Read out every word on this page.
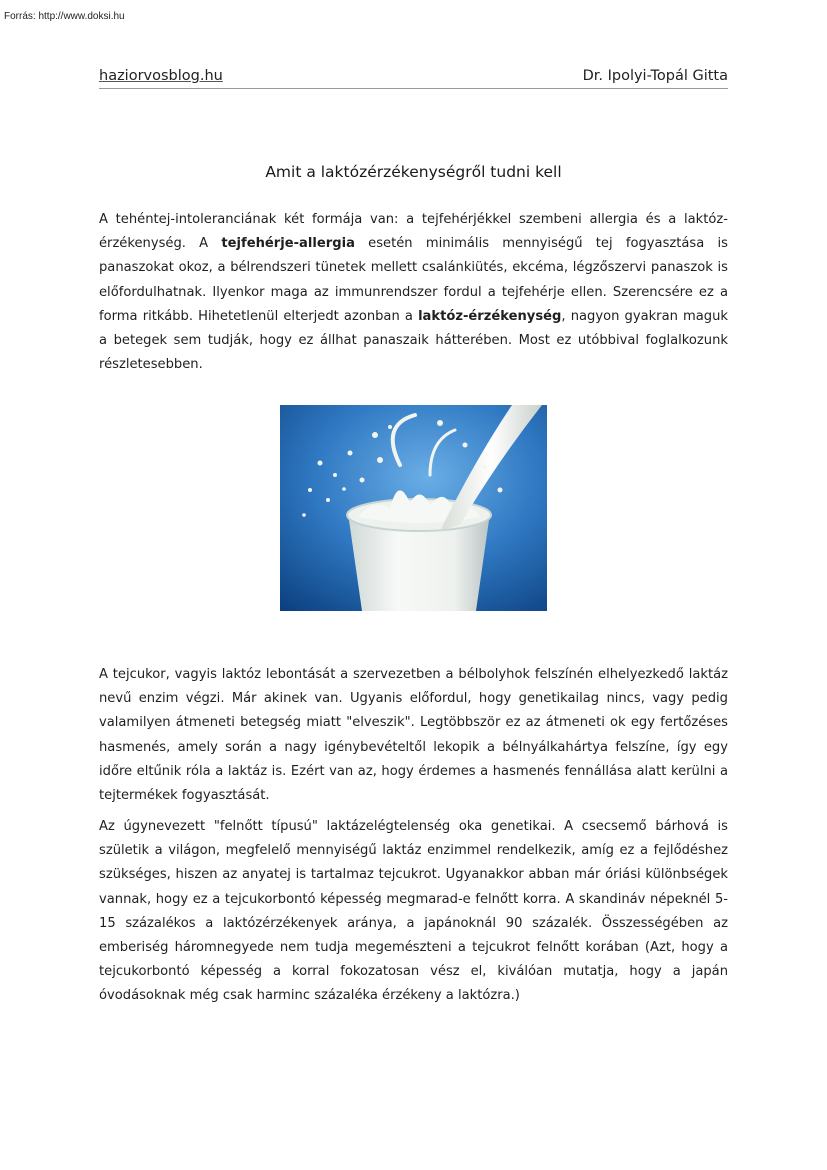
Forrás: http://www.doksi.hu
haziorvosblog.hu	Dr. Ipolyi-Topál Gitta
Amit a laktózérzékenységről tudni kell

A tehéntej-intoleranciának két formája van: a tejfehérjékkel szembeni allergia és a laktóz-érzékenység. A tejfehérje-allergia esetén minimális mennyiségű tej fogyasztása is panaszokat okoz, a bélrendszeri tünetek mellett csalánkiütés, ekcéma, légzőszervi panaszok is előfordulhatnak. Ilyenkor maga az immunrendszer fordul a tejfehérje ellen. Szerencsére ez a forma ritkább. Hihetetlenül elterjedt azonban a laktóz-érzékenység, nagyon gyakran maguk a betegek sem tudják, hogy ez állhat panaszaik hátterében. Most ez utóbbival foglalkozunk részletesebben.

A tejcukor, vagyis laktóz lebontását a szervezetben a bélbolyhok felszínén elhelyezkedő laktáz nevű enzim végzi. Már akinek van. Ugyanis előfordul, hogy genetikailag nincs, vagy pedig valamilyen átmeneti betegség miatt "elveszik". Legtöbbször ez az átmeneti ok egy fertőzéses hasmenés, amely során a nagy igénybevételtől lekopik a bélnyálkahártya felszíne, így egy időre eltűnik róla a laktáz is. Ezért van az, hogy érdemes a hasmenés fennállása alatt kerülni a tejtermékek fogyasztását.

Az úgynevezett "felnőtt típusú" laktázelégtelenség oka genetikai. A csecsemő bárhová is születik a világon, megfelelő mennyiségű laktáz enzimmel rendelkezik, amíg ez a fejlődéshez szükséges, hiszen az anyatej is tartalmaz tejcukrot. Ugyanakkor abban már óriási különbségek vannak, hogy ez a tejcukorbontó képesség megmarad-e felnőtt korra. A skandináv népeknél 5-15 százalékos a laktózérzékenyek aránya, a japánoknál 90 százalék. Összességében az emberiség háromnegyede nem tudja megemészteni a tejcukrot felnőtt korában (Azt, hogy a tejcukorbontó képesség a korral fokozatosan vész el, kiválóan mutatja, hogy a japán óvodásoknak még csak harminc százaléka érzékeny a laktózra.)
